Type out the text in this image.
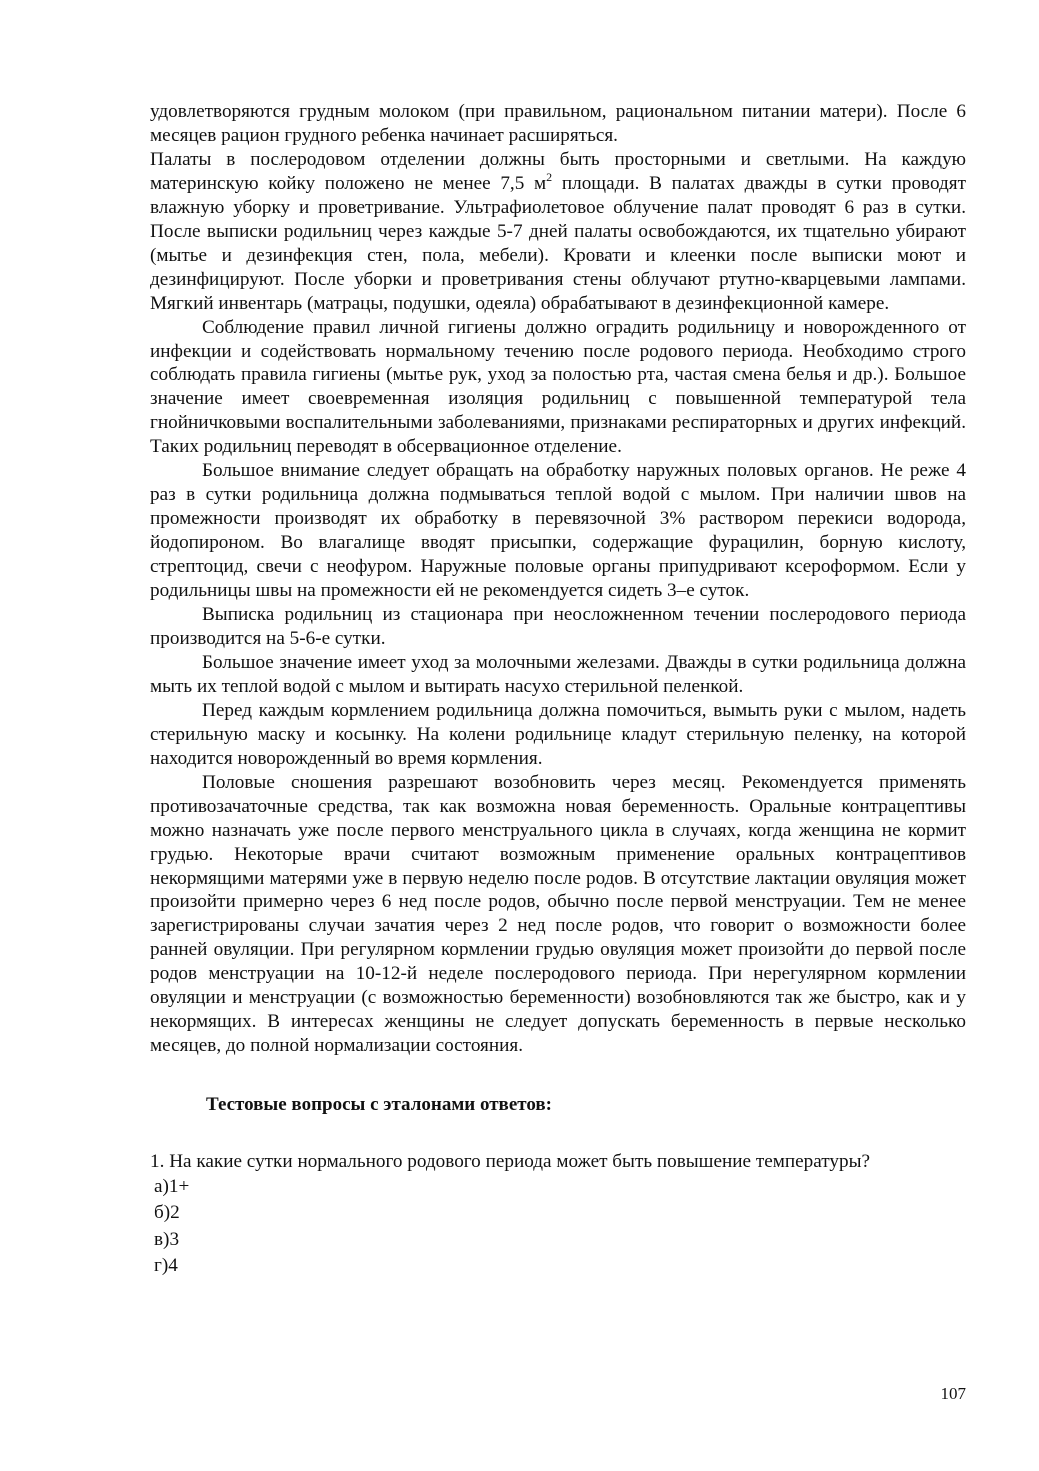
удовлетворяются грудным молоком (при правильном, рациональном питании матери). После 6 месяцев рацион грудного ребенка начинает расширяться.

Палаты в послеродовом отделении должны быть просторными и светлыми. На каждую материнскую койку положено не менее 7,5 $м^2$ площади. В палатах дважды в сутки проводят влажную уборку и проветривание. Ультрафиолетовое облучение палат проводят 6 раз в сутки. После выписки родильниц через каждые 5-7 дней палаты освобождаются, их тщательно убирают (мытье и дезинфекция стен, пола, мебели). Кровати и клеенки после выписки моют и дезинфицируют. После уборки и проветривания стены облучают ртутно-кварцевыми лампами. Мягкий инвентарь (матрацы, подушки, одеяла) обрабатывают в дезинфекционной камере.

Соблюдение правил личной гигиены должно оградить родильницу и новорожденного от инфекции и содействовать нормальному течению после родового периода. Необходимо строго соблюдать правила гигиены (мытье рук, уход за полостью рта, частая смена белья и др.). Большое значение имеет своевременная изоляция родильниц с повышенной температурой тела гнойничковыми воспалительными заболеваниями, признаками респираторных и других инфекций. Таких родильниц переводят в обсервационное отделение.

Большое внимание следует обращать на обработку наружных половых органов. Не реже 4 раз в сутки родильница должна подмываться теплой водой с мылом. При наличии швов на промежности производят их обработку в перевязочной 3% раствором перекиси водорода, йодопироном. Во влагалище вводят присыпки, содержащие фурацилин, борную кислоту, стрептоцид, свечи с неофуром. Наружные половые органы припудривают ксероформом. Если у родильницы швы на промежности ей не рекомендуется сидеть 3–е суток.

Выписка родильниц из стационара при неосложненном течении послеродового периода производится на 5-6-е сутки.

Большое значение имеет уход за молочными железами. Дважды в сутки родильница должна мыть их теплой водой с мылом и вытирать насухо стерильной пеленкой.

Перед каждым кормлением родильница должна помочиться, вымыть руки с мылом, надеть стерильную маску и косынку. На колени родильнице кладут стерильную пеленку, на которой находится новорожденный во время кормления.

Половые сношения разрешают возобновить через месяц. Рекомендуется применять противозачаточные средства, так как возможна новая беременность. Оральные контрацептивы можно назначать уже после первого менструального цикла в случаях, когда женщина не кормит грудью. Некоторые врачи считают возможным применение оральных контрацептивов некормящими матерями уже в первую неделю после родов. В отсутствие лактации овуляция может произойти примерно через 6 нед после родов, обычно после первой менструации. Тем не менее зарегистрированы случаи зачатия через 2 нед после родов, что говорит о возможности более ранней овуляции. При регулярном кормлении грудью овуляция может произойти до первой после родов менструации на 10-12-й неделе послеродового периода. При нерегулярном кормлении овуляции и менструации (с возможностью беременности) возобновляются так же быстро, как и у некормящих. В интересах женщины не следует допускать беременность в первые несколько месяцев, до полной нормализации состояния.

Тестовые вопросы с эталонами ответов:
1. На какие сутки нормального родового периода может быть повышение температуры?
а)1+
б)2
в)3
г)4
107
